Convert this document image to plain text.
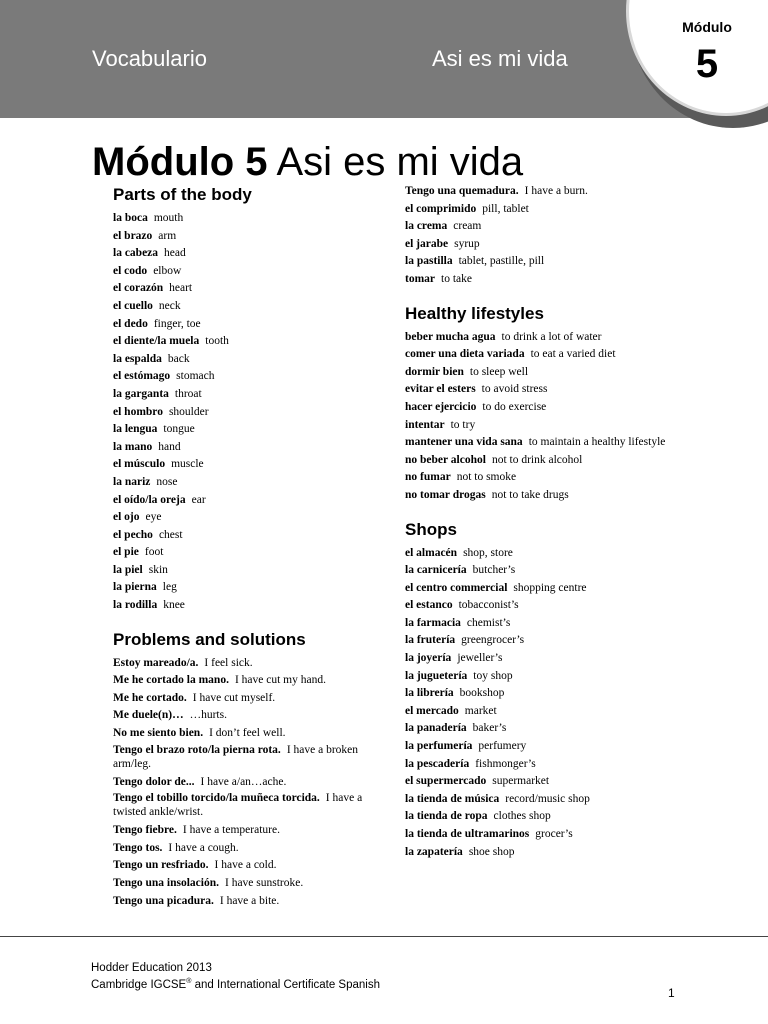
Vocabulario	Asi es mi vida
Módulo
5
Módulo 5 Asi es mi vida
Parts of the body
la boca mouth
el brazo arm
la cabeza head
el codo elbow
el corazón heart
el cuello neck
el dedo finger, toe
el diente/la muela tooth
la espalda back
el estómago stomach
la garganta throat
el hombro shoulder
la lengua tongue
la mano hand
el músculo muscle
la nariz nose
el oído/la oreja ear
el ojo eye
el pecho chest
el pie foot
la piel skin
la pierna leg
la rodilla knee
Problems and solutions
Estoy mareado/a. I feel sick.
Me he cortado la mano. I have cut my hand.
Me he cortado. I have cut myself.
Me duele(n)… …hurts.
No me siento bien. I don’t feel well.
Tengo el brazo roto/la pierna rota. I have a broken arm/leg.
Tengo dolor de... I have a/an…ache.
Tengo el tobillo torcido/la muñeca torcida. I have a twisted ankle/wrist.
Tengo fiebre. I have a temperature.
Tengo tos. I have a cough.
Tengo un resfriado. I have a cold.
Tengo una insolación. I have sunstroke.
Tengo una picadura. I have a bite.
Tengo una quemadura. I have a burn.
el comprimido pill, tablet
la crema cream
el jarabe syrup
la pastilla tablet, pastille, pill
tomar to take
Healthy lifestyles
beber mucha agua to drink a lot of water
comer una dieta variada to eat a varied diet
dormir bien to sleep well
evitar el esters to avoid stress
hacer ejercicio to do exercise
intentar to try
mantener una vida sana to maintain a healthy lifestyle
no beber alcohol not to drink alcohol
no fumar not to smoke
no tomar drogas not to take drugs
Shops
el almacén shop, store
la carnicería butcher’s
el centro commercial shopping centre
el estanco tobacconist’s
la farmacia chemist’s
la frutería greengrocer’s
la joyería jeweller’s
la juguetería toy shop
la librería bookshop
el mercado market
la panadería baker’s
la perfumería perfumery
la pescadería fishmonger’s
el supermercado supermarket
la tienda de música record/music shop
la tienda de ropa clothes shop
la tienda de ultramarinos grocer’s
la zapatería shoe shop
Hodder Education 2013
Cambridge IGCSE® and International Certificate Spanish
1
